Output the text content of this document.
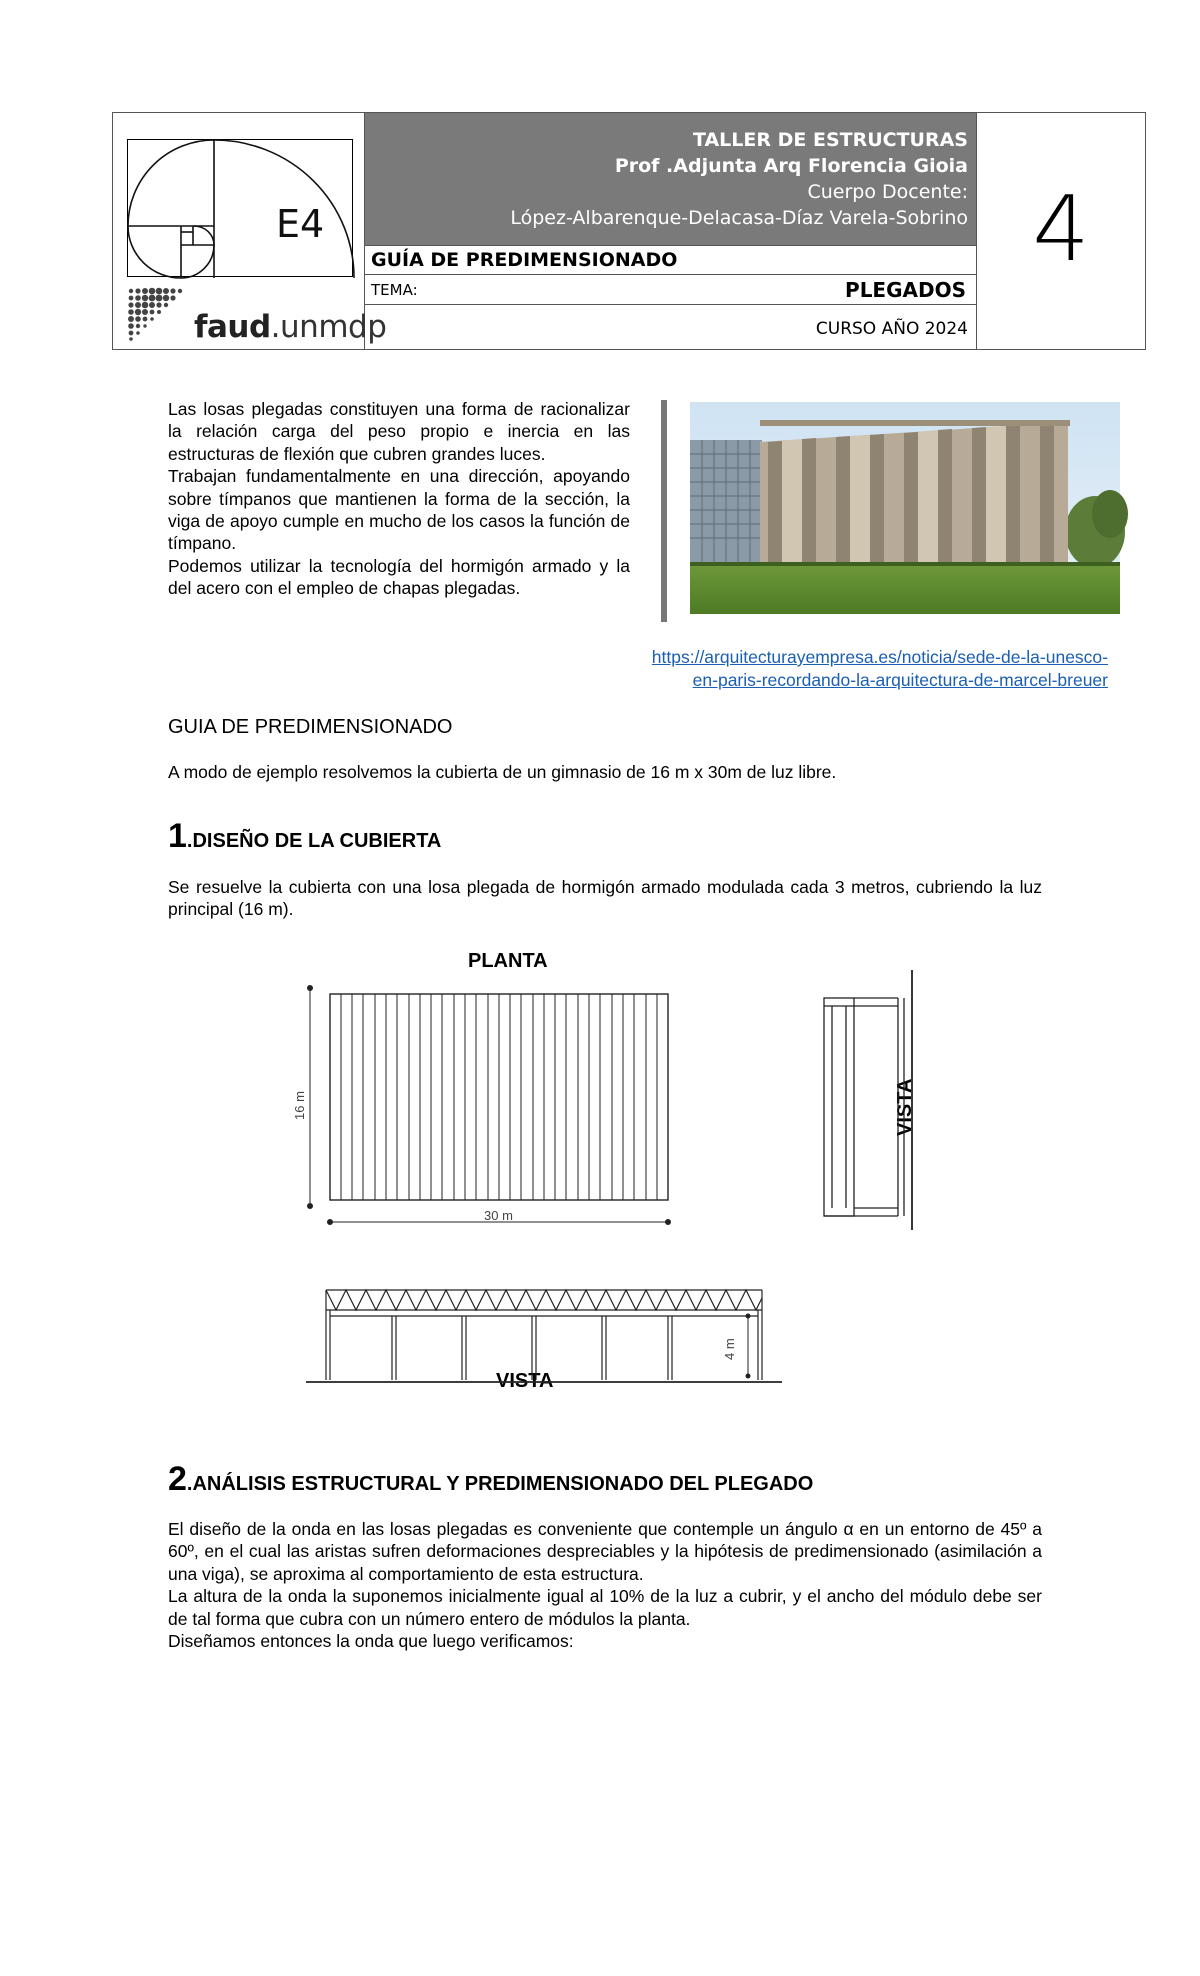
E4
faud.unmdp
TALLER DE ESTRUCTURAS
Prof .Adjunta Arq Florencia Gioia
Cuerpo Docente:
López-Albarenque-Delacasa-Díaz Varela-Sobrino
GUÍA DE PREDIMENSIONADO
TEMA:	PLEGADOS
CURSO AÑO 2024
4

Las losas plegadas constituyen una forma de racionalizar la relación carga del peso propio e inercia en las estructuras de flexión que cubren grandes luces.

Trabajan fundamentalmente en una dirección, apoyando sobre tímpanos que mantienen la forma de la sección, la viga de apoyo cumple en mucho de los casos la función de tímpano.

Podemos utilizar la tecnología del hormigón armado y la del acero con el empleo de chapas plegadas.

https://arquitecturayempresa.es/noticia/sede-de-la-unesco-
en-paris-recordando-la-arquitectura-de-marcel-breuer
GUIA DE PREDIMENSIONADO
A modo de ejemplo resolvemos la cubierta de un gimnasio de 16 m x 30m de luz libre.
1.DISEÑO DE LA CUBIERTA

Se resuelve la cubierta con una losa plegada de hormigón armado modulada cada 3 metros, cubriendo la luz principal (16 m).

PLANTA
VISTA
VISTA
16 m
30 m
4 m
2.ANÁLISIS ESTRUCTURAL Y PREDIMENSIONADO DEL PLEGADO

El diseño de la onda en las losas plegadas es conveniente que contemple un ángulo α en un entorno de 45º a 60º, en el cual las aristas sufren deformaciones despreciables y la hipótesis de predimensionado (asimilación a una viga), se aproxima al comportamiento de esta estructura.

La altura de la onda la suponemos inicialmente igual al 10% de la luz a cubrir, y el ancho del módulo debe ser de tal forma que cubra con un número entero de módulos la planta.

Diseñamos entonces la onda que luego verificamos:
